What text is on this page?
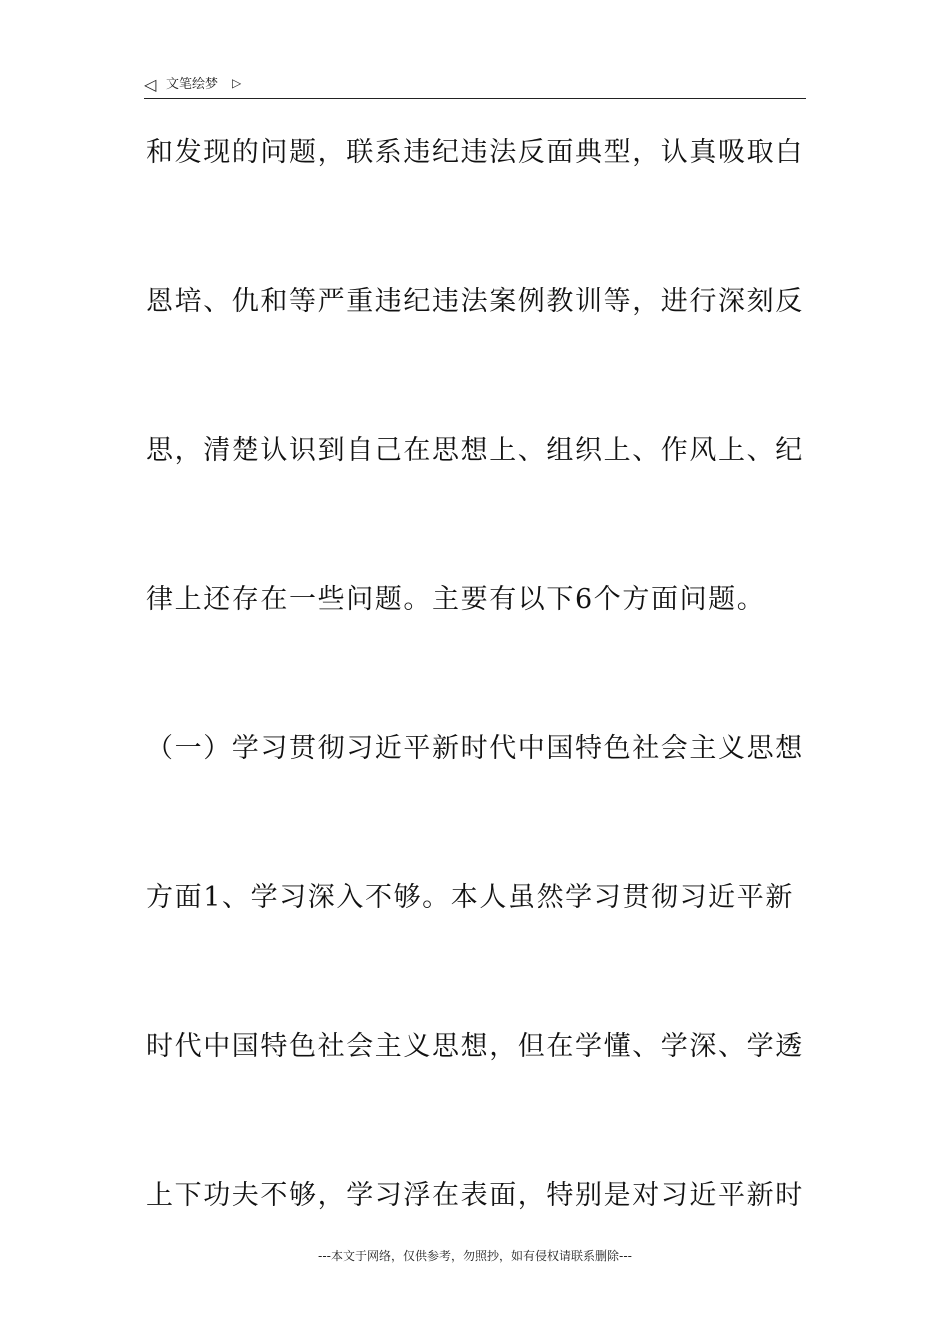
◁ 文笔绘梦 ▷
和发现的问题，联系违纪违法反面典型，认真吸取白
恩培、仇和等严重违纪违法案例教训等，进行深刻反
思，清楚认识到自己在思想上、组织上、作风上、纪
律上还存在一些问题。主要有以下6个方面问题。
（一）学习贯彻习近平新时代中国特色社会主义思想
方面1、学习深入不够。本人虽然学习贯彻习近平新
时代中国特色社会主义思想，但在学懂、学深、学透
上下功夫不够，学习浮在表面，特别是对习近平新时
---本文于网络，仅供参考，勿照抄，如有侵权请联系删除---
